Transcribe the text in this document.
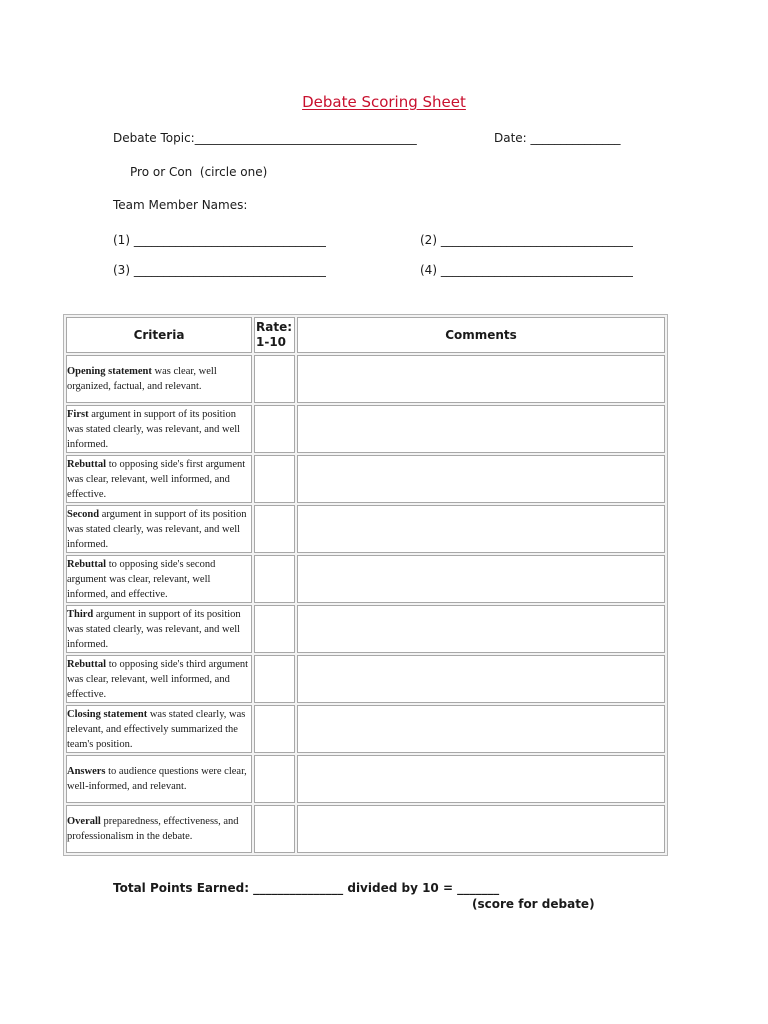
Debate Scoring Sheet
Debate Topic:_____________________________________	Date: _______________
Pro or Con  (circle one)
Team Member Names:
(1) ________________________________	(2) ________________________________
(3) ________________________________	(4) ________________________________
Criteria	Rate: 1-10	Comments
Opening statement was clear, well organized, factual, and relevant.		
First argument in support of its position was stated clearly, was relevant, and well informed.		
Rebuttal to opposing side's first argument was clear, relevant, well informed, and effective.		
Second argument in support of its position was stated clearly, was relevant, and well informed.		
Rebuttal to opposing side's second argument was clear, relevant, well informed, and effective.		
Third argument in support of its position was stated clearly, was relevant, and well informed.		
Rebuttal to opposing side's third argument was clear, relevant, well informed, and effective.		
Closing statement was stated clearly, was relevant, and effectively summarized the team's position.		
Answers to audience questions were clear, well-informed, and relevant.		
Overall preparedness, effectiveness, and professionalism in the debate.		
Total Points Earned: _______________ divided by 10 = _______
(score for debate)
